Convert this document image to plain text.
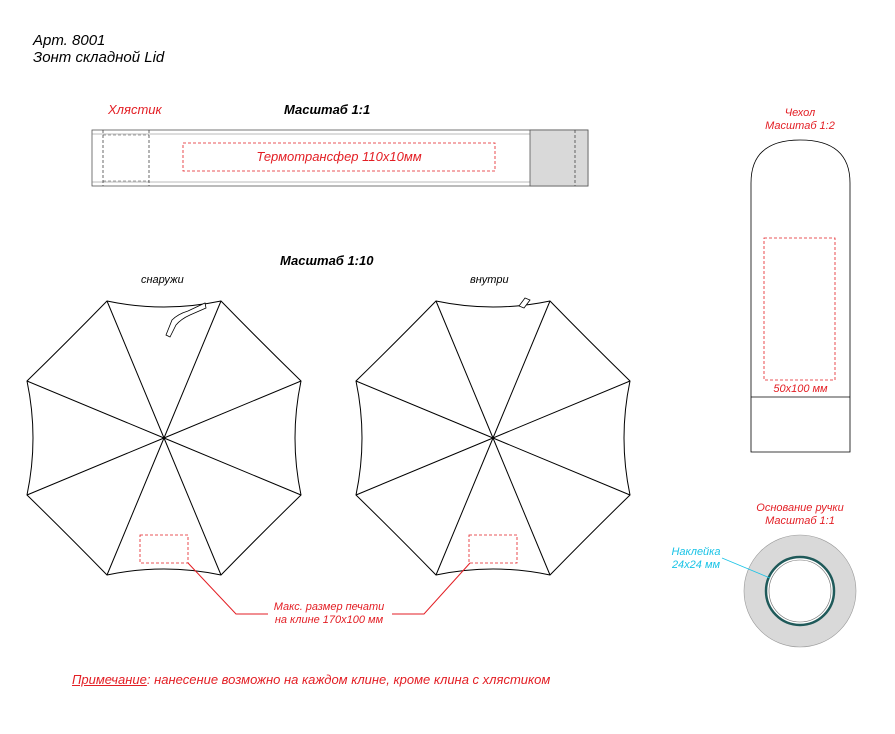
Арт. 8001
Зонт складной Lid
Хлястик	Масштаб 1:1
Термотрансфер 110х10мм
Масштаб 1:10
снаружи	внутри
Макс. размер печати
на клине 170х100 мм
Чехол
Масштаб 1:2
50х100 мм
Основание ручки
Масштаб 1:1
Наклейка
24х24 мм
Примечание: нанесение возможно на каждом клине, кроме клина с хлястиком
